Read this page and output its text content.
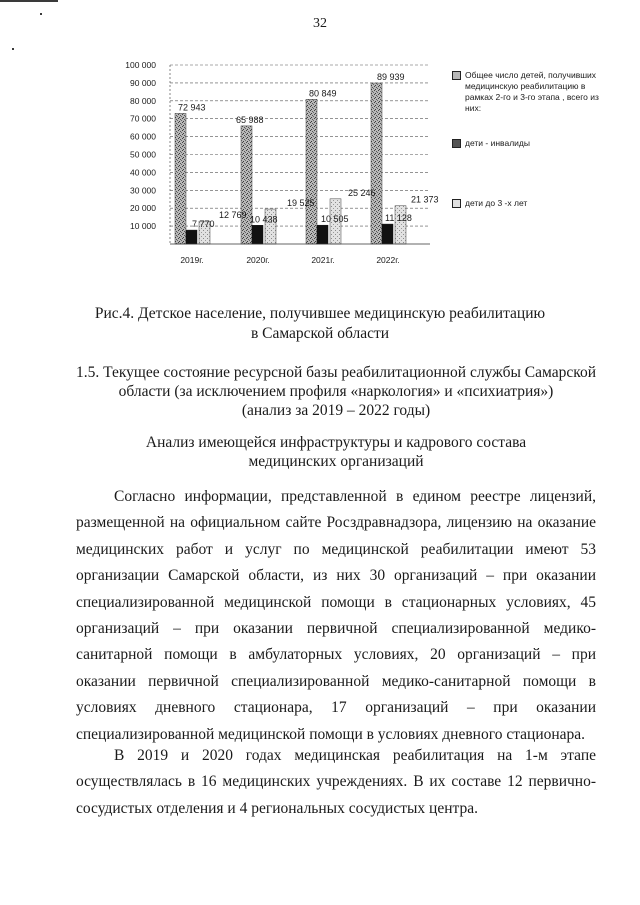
32
100 000
90 000
80 000
70 000
60 000
50 000
40 000
30 000
20 000
10 000
72 943
7 770
12 769
65 988
10 438
19 525
80 849
10 505
25 246
89 939
11 128
21 373
2019г.	2020г.	2021г.	2022г.
Общее число детей, получивших медицинскую реабилитацию в рамках 2-го и 3-го этапа , всего из них:
дети - инвалиды
дети до 3 -х лет
Рис.4. Детское население, получившее медицинскую реабилитацию
в Самарской области
1.5. Текущее состояние ресурсной базы реабилитационной службы Самарской
области (за исключением профиля «наркология» и «психиатрия»)
(анализ за 2019 – 2022 годы)
Анализ имеющейся инфраструктуры и кадрового состава
медицинских организаций
Согласно информации, представленной в едином реестре лицензий, размещенной на официальном сайте Росздравнадзора, лицензию на оказание медицинских работ и услуг по медицинской реабилитации имеют 53 организации Самарской области, из них 30 организаций – при оказании специализированной медицинской помощи в стационарных условиях, 45 организаций – при оказании первичной специализированной медико-санитарной помощи в амбулаторных условиях, 20 организаций – при оказании первичной специализированной медико-санитарной помощи в условиях дневного стационара, 17 организаций – при оказании специализированной медицинской помощи в условиях дневного стационара.
В 2019 и 2020 годах медицинская реабилитация на 1-м этапе осуществлялась в 16 медицинских учреждениях. В их составе 12 первично-сосудистых отделения и 4 региональных сосудистых центра.
